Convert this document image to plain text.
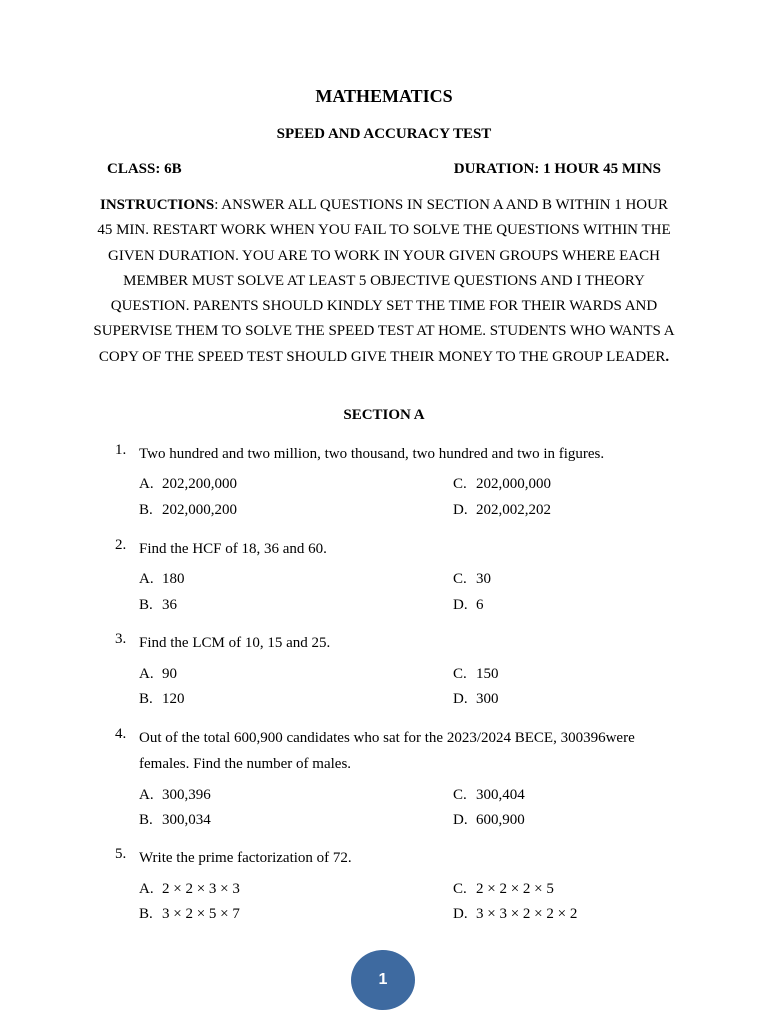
MATHEMATICS
SPEED AND ACCURACY TEST
CLASS: 6B	DURATION: 1 HOUR 45 MINS

INSTRUCTIONS: ANSWER ALL QUESTIONS IN SECTION A AND B WITHIN 1 HOUR 45 MIN. RESTART WORK WHEN YOU FAIL TO SOLVE THE QUESTIONS WITHIN THE GIVEN DURATION. YOU ARE TO WORK IN YOUR GIVEN GROUPS WHERE EACH MEMBER MUST SOLVE AT LEAST 5 OBJECTIVE QUESTIONS AND I THEORY QUESTION. PARENTS SHOULD KINDLY SET THE TIME FOR THEIR WARDS AND SUPERVISE THEM TO SOLVE THE SPEED TEST AT HOME. STUDENTS WHO WANTS A COPY OF THE SPEED TEST SHOULD GIVE THEIR MONEY TO THE GROUP LEADER.

SECTION A
1. Two hundred and two million, two thousand, two hundred and two in figures.
A. 202,200,000
B. 202,000,200
C. 202,000,000
D. 202,002,202
2. Find the HCF of 18, 36 and 60.
A. 180
B. 36
C. 30
D. 6
3. Find the LCM of 10, 15 and 25.
A. 90
B. 120
C. 150
D. 300
4. Out of the total 600,900 candidates who sat for the 2023/2024 BECE, 300396were females. Find the number of males.
A. 300,396
B. 300,034
C. 300,404
D. 600,900
5. Write the prime factorization of 72.
A. 2 × 2 × 3 × 3
B. 3 × 2 × 5 × 7
C. 2 × 2 × 2 × 5
D. 3 × 3 × 2 × 2 × 2
1
